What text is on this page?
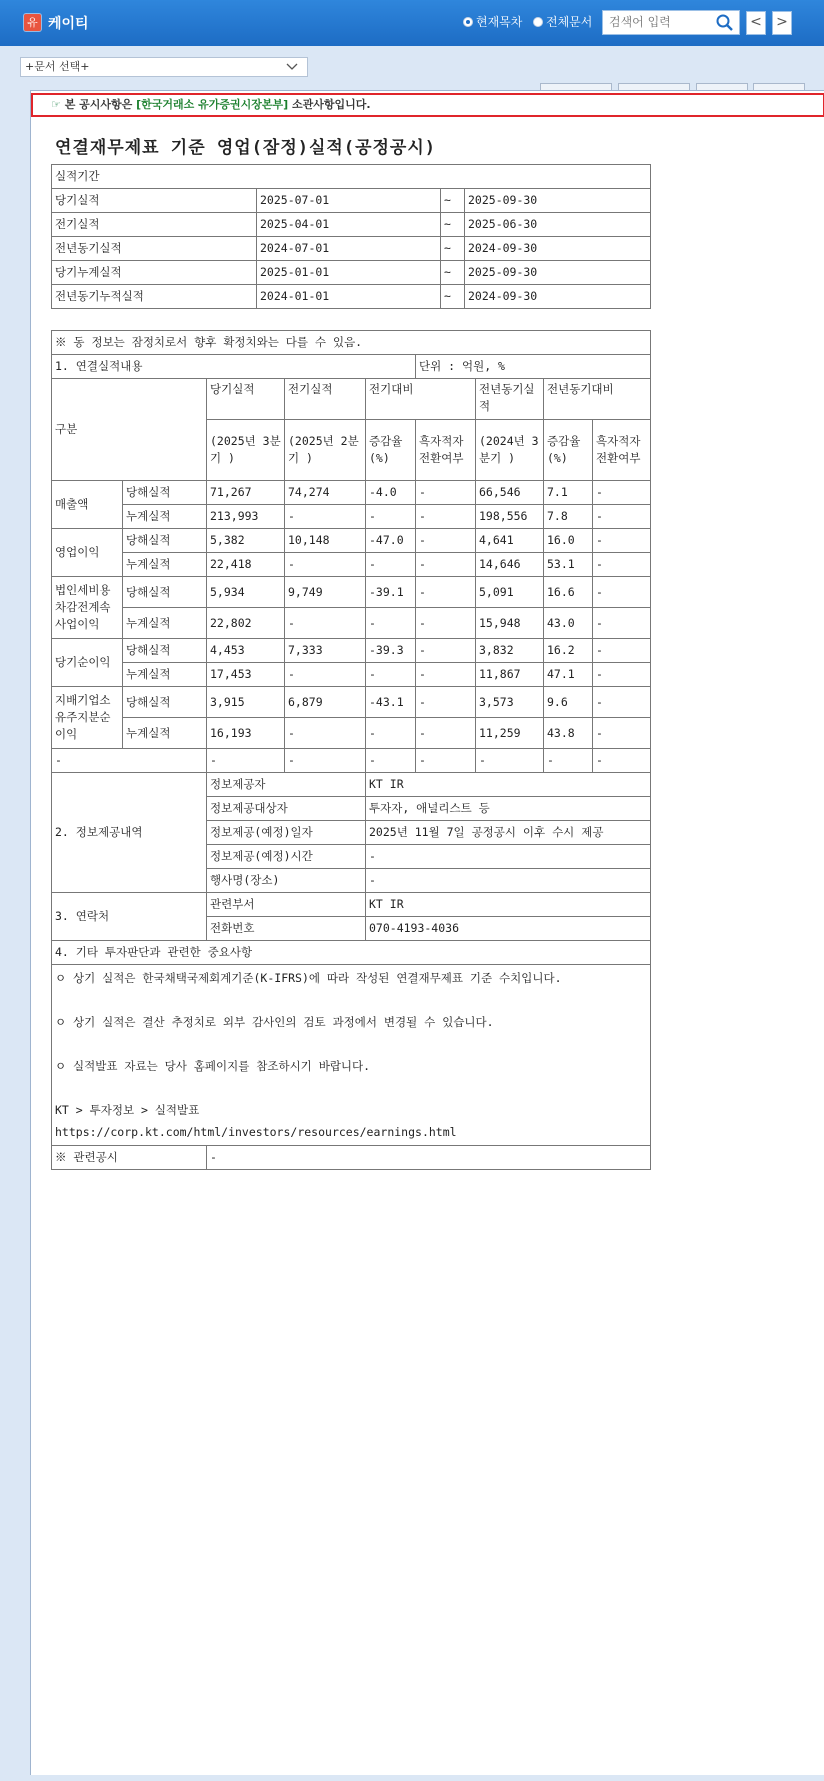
유 케이티	현재목차 전체문서
검색어 입력	< >
+문서 선택+
☞ 본 공시사항은 [한국거래소 유가증권시장본부] 소관사항입니다.
연결재무제표 기준 영업(잠정)실적(공정공시)
실적기간			
당기실적	2025-07-01	~	2025-09-30
전기실적	2025-04-01	~	2025-06-30
전년동기실적	2024-07-01	~	2024-09-30
당기누계실적	2025-01-01	~	2025-09-30
전년동기누적실적	2024-01-01	~	2024-09-30
※ 동 정보는 잠정치로서 향후 확정치와는 다를 수 있음.								
1. 연결실적내용					단위 : 억원, %			
구분		당기실적	전기실적	전기대비		전년동기실적	전년동기대비	
		(2025년 3분기 )	(2025년 2분기 )	증감율(%)	흑자적자전환여부	(2024년 3분기 )	증감율(%)	흑자적자전환여부
매출액	당해실적	71,267	74,274	-4.0	-	66,546	7.1	-
	누계실적	213,993	-	-	-	198,556	7.8	-
영업이익	당해실적	5,382	10,148	-47.0	-	4,641	16.0	-
	누계실적	22,418	-	-	-	14,646	53.1	-
법인세비용차감전계속사업이익	당해실적	5,934	9,749	-39.1	-	5,091	16.6	-
	누계실적	22,802	-	-	-	15,948	43.0	-
당기순이익	당해실적	4,453	7,333	-39.3	-	3,832	16.2	-
	누계실적	17,453	-	-	-	11,867	47.1	-
지배기업소유주지분순이익	당해실적	3,915	6,879	-43.1	-	3,573	9.6	-
	누계실적	16,193	-	-	-	11,259	43.8	-
-		-	-	-	-	-	-	-
2. 정보제공내역		정보제공자		KT IR				
		정보제공대상자		투자자, 애널리스트 등				
		정보제공(예정)일자		2025년 11월 7일 공정공시 이후 수시 제공				
		정보제공(예정)시간		-				
		행사명(장소)		-				
3. 연락처		관련부서		KT IR				
		전화번호		070-4193-4036				
4. 기타 투자판단과 관련한 중요사항								

ㅇ 상기 실적은 한국채택국제회계기준(K-IFRS)에 따라 작성된 연결재무제표 기준 수치입니다.
ㅇ 상기 실적은 결산 추정치로 외부 감사인의 검토 과정에서 변경될 수 있습니다.
ㅇ 실적발표 자료는 당사 홈페이지를 참조하시기 바랍니다.
KT > 투자정보 > 실적발표
https://corp.kt.com/html/investors/resources/earnings.html								

※ 관련공시		-						
